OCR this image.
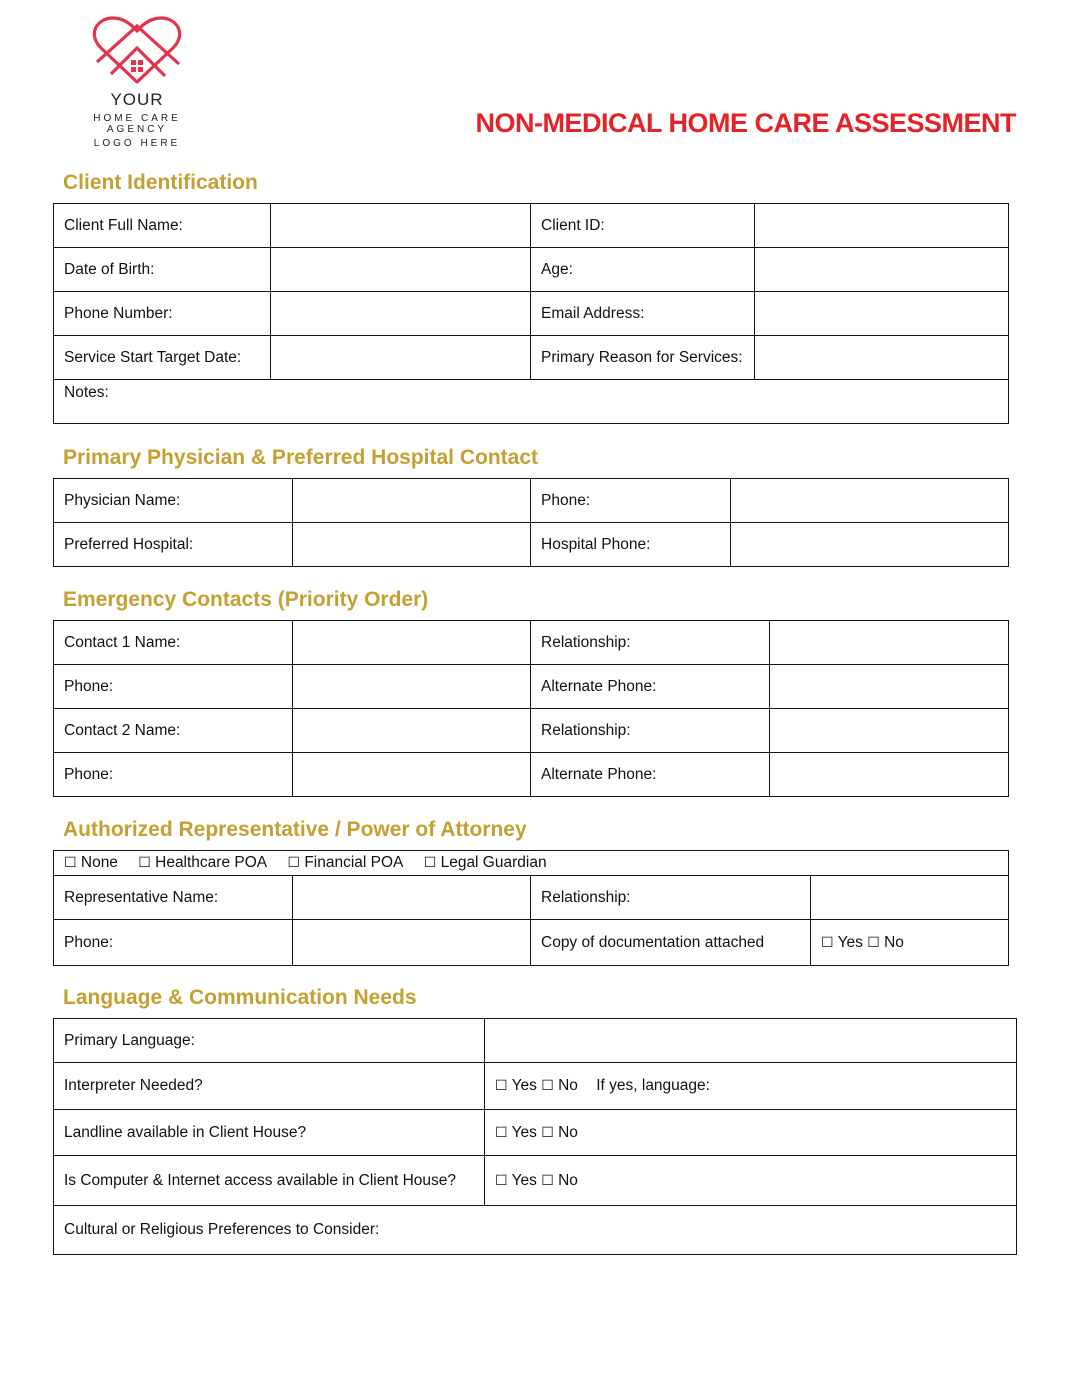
YOUR
HOME CARE AGENCY
LOGO HERE
NON-MEDICAL HOME CARE ASSESSMENT
Client Identification
Client Full Name:		Client ID:	
Date of Birth:		Age:	
Phone Number:		Email Address:	
Service Start Target Date:		Primary Reason for Services:	
Notes:			
Primary Physician & Preferred Hospital Contact
Physician Name:		Phone:	
Preferred Hospital:		Hospital Phone:	
Emergency Contacts (Priority Order)
Contact 1 Name:		Relationship:	
Phone:		Alternate Phone:	
Contact 2 Name:		Relationship:	
Phone:		Alternate Phone:	
Authorized Representative / Power of Attorney
☐ None ☐ Healthcare POA ☐ Financial POA ☐ Legal Guardian			
Representative Name:		Relationship:	
Phone:		Copy of documentation attached	☐ Yes ☐ No
Language & Communication Needs
Primary Language:	
Interpreter Needed?	☐ Yes ☐ No If yes, language:
Landline available in Client House?	☐ Yes ☐ No
Is Computer & Internet access available in Client House?	☐ Yes ☐ No
Cultural or Religious Preferences to Consider:	
